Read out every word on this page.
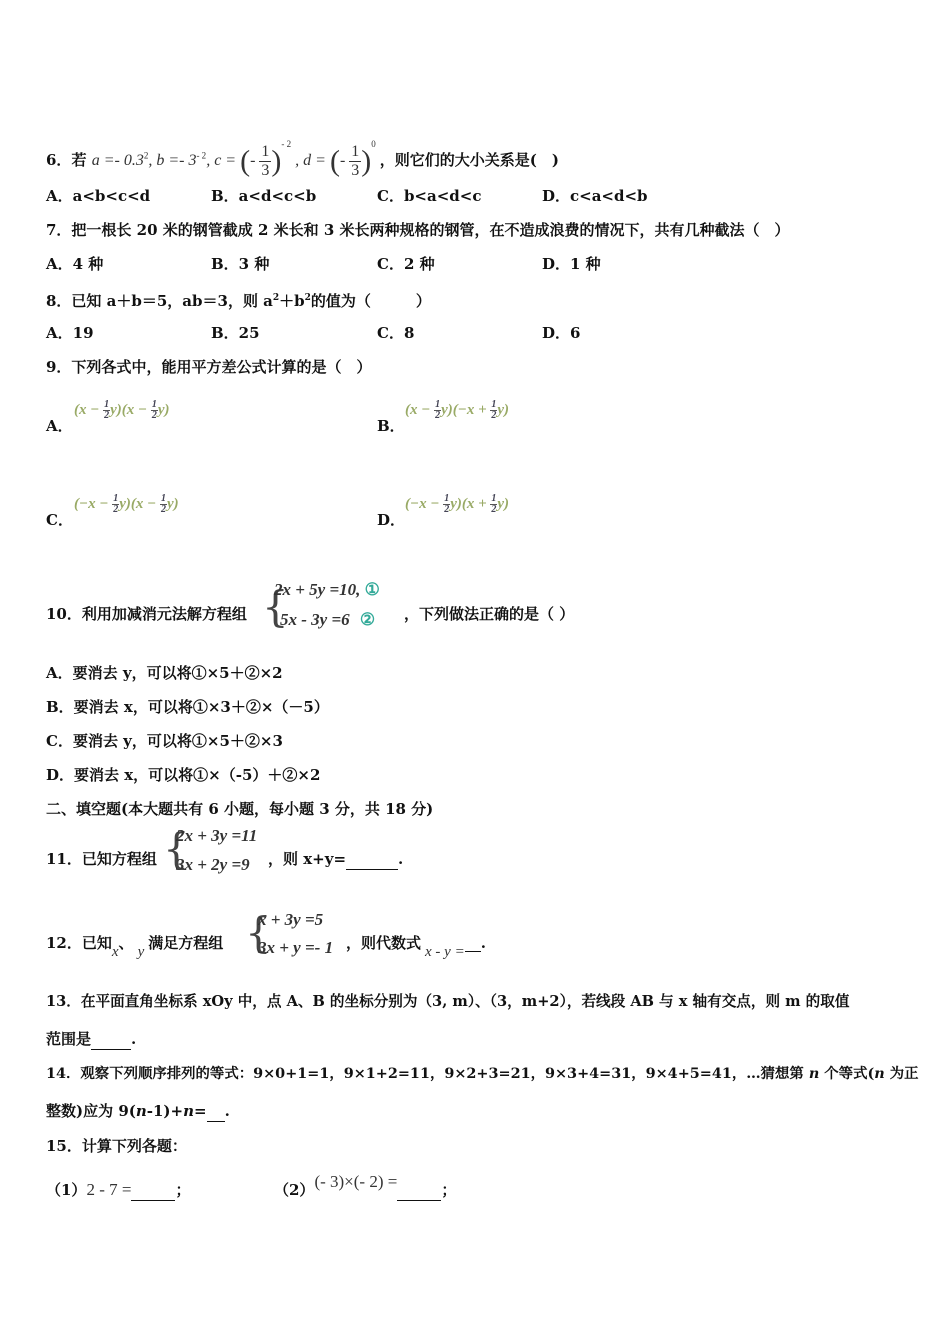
6．若 $a =- 0.3^2$, $b =- 3^{- 2}$, c = (- $\frac{1}{3})^{- 2}$ , d = (- $\frac{1}{3})^0$ ，则它们的大小关系是(　)
A．a<b<c<d	B．a<d<c<b	C．b<a<d<c	D．c<a<d<b
7．把一根长 20 米的钢管截成 2 米长和 3 米长两种规格的钢管，在不造成浪费的情况下，共有几种截法（　）
A．4 种	B．3 种	C．2 种	D．1 种
8．已知 a＋b＝5，ab＝3，则 $a^2+b^2$的值为（　　　）
A．19	B．25	C．8	D．6
9．下列各式中，能用平方差公式计算的是（　）
A．
$(x - \frac{1}{2} y)(x - \frac{1}{2} y)$
B．
$(x - \frac{1}{2} y)(-x + \frac{1}{2} y)$
C．
$(-x - \frac{1}{2} y)(x - \frac{1}{2} y)$
D．
$(-x - \frac{1}{2} y)(x + \frac{1}{2} y)$
10．利用加减消元法解方程组 {
2x + 5y =10, ①
5x - 3y =6 ② ，下列做法正确的是（ ）
A．要消去 y，可以将①×5＋②×2
B．要消去 x，可以将①×3＋②×（－5）
C．要消去 y，可以将①×5＋②×3
D．要消去 x，可以将①×（-5）＋②×2
二、填空题(本大题共有 6 小题，每小题 3 分，共 18 分)
11．已知方程组 {
2x + 3y =11
3x + 2y =9 ，则 x+y=	.
12．已知x、 y 满足方程组 {
x + 3y =5
3x + y =- 1 ，则代数式 x - y = .
13．在平面直角坐标系 xOy 中，点 A、B 的坐标分别为（3, m）、（3，m+2），若线段 AB 与 x 轴有交点，则 m 的取值
范围是	.
14．观察下列顺序排列的等式：9×0+1=1，9×1+2=11，9×2+3=21，9×3+4=31，9×4+5=41，…猜想第 n 个等式(n 为正
整数)应为 9(n-1)+n= .
15．计算下列各题：
（1）2 - 7 =	；	（2）(- 3)×(- 2) =	；
